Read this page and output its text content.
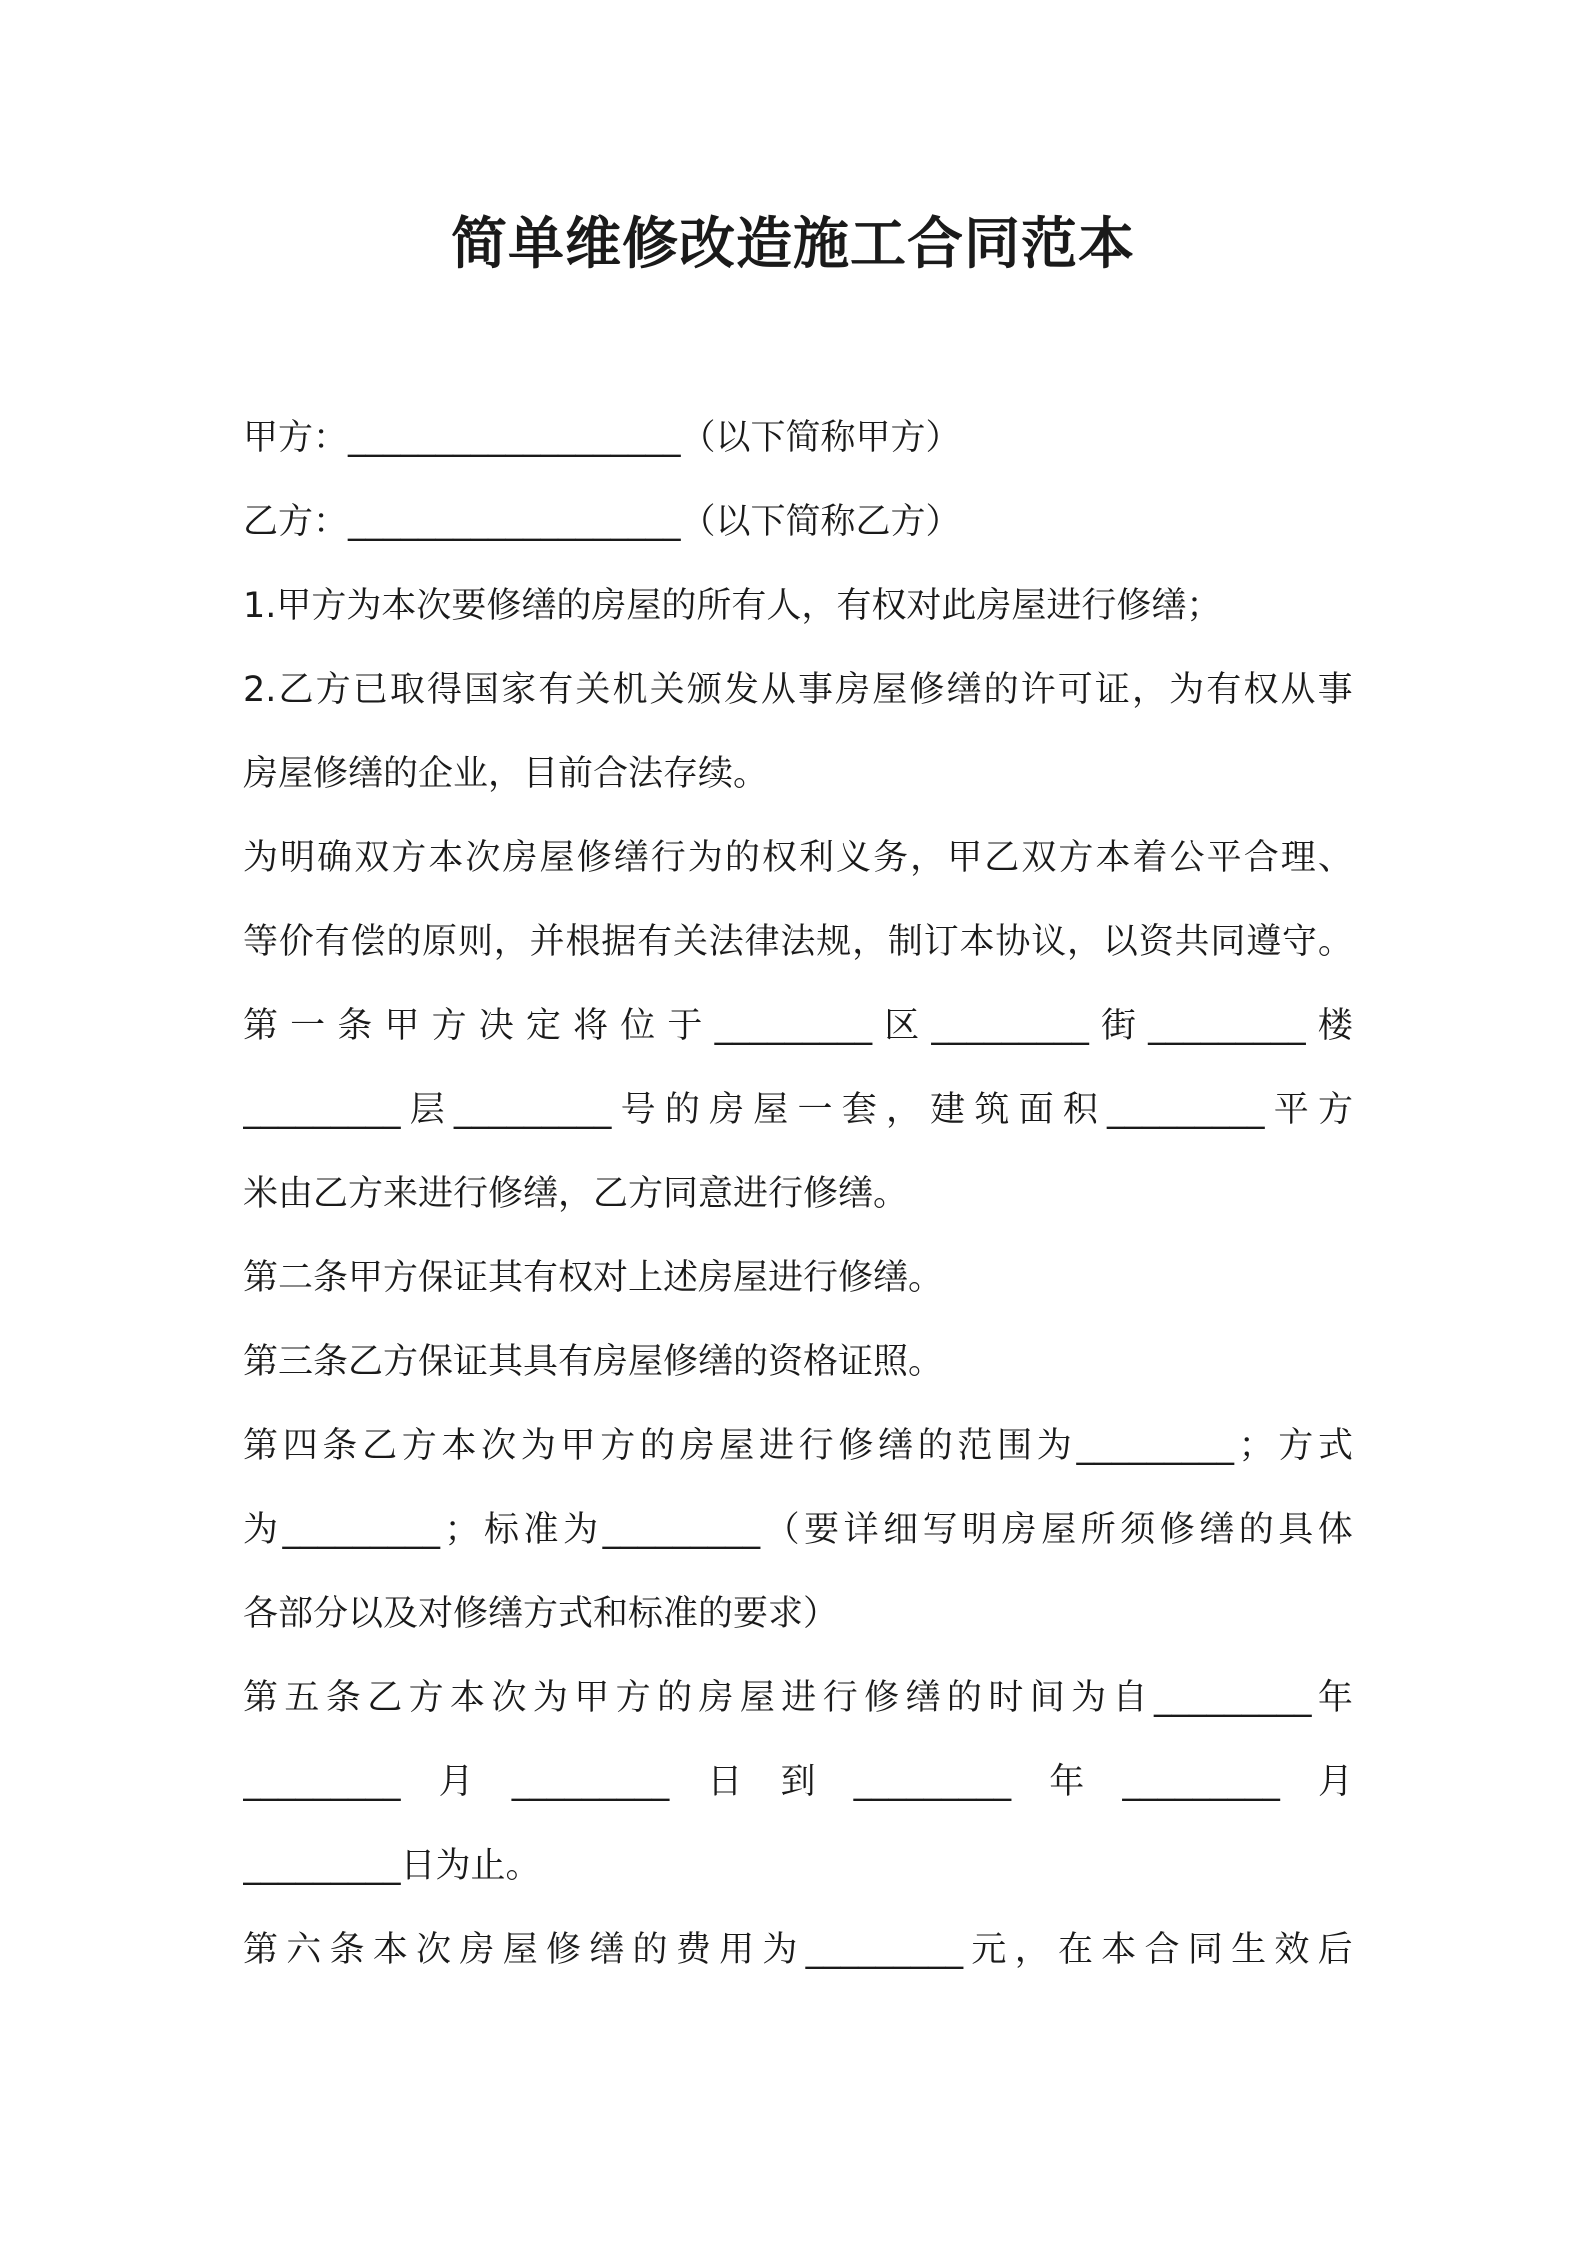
简单维修改造施工合同范本
甲方：___________________（以下简称甲方）
乙方：___________________（以下简称乙方）
1.甲方为本次要修缮的房屋的所有人，有权对此房屋进行修缮；
2. 乙 方 已 取 得 国 家 有 关 机 关 颁 发 从 事 房 屋 修 缮 的 许 可 证 ， 为 有 权 从 事
房屋修缮的企业，目前合法存续。
为 明 确 双 方 本 次 房 屋 修 缮 行 为 的 权 利 义 务 ， 甲 乙 双 方 本 着 公 平 合 理 、
等 价 有 偿 的 原 则 ， 并 根 据 有 关 法 律 法 规 ， 制 订 本 协 议 ， 以 资 共 同 遵 守 。
第 一 条 甲 方 决 定 将 位 于 _________ 区 _________ 街 _________ 楼
_________ 层 _________ 号 的 房 屋 一 套 ， 建 筑 面 积 _________ 平 方
米由乙方来进行修缮，乙方同意进行修缮。
第二条甲方保证其有权对上述房屋进行修缮。
第三条乙方保证其具有房屋修缮的资格证照。
第 四 条 乙 方 本 次 为 甲 方 的 房 屋 进 行 修 缮 的 范 围 为 _________ ； 方 式
为 _________ ； 标 准 为 _________ （ 要 详 细 写 明 房 屋 所 须 修 缮 的 具 体
各部分以及对修缮方式和标准的要求）
第 五 条 乙 方 本 次 为 甲 方 的 房 屋 进 行 修 缮 的 时 间 为 自 _________ 年
_________ 月 _________ 日 到 _________ 年 _________ 月
_________日为止。
第 六 条 本 次 房 屋 修 缮 的 费 用 为 _________ 元 ， 在 本 合 同 生 效 后
